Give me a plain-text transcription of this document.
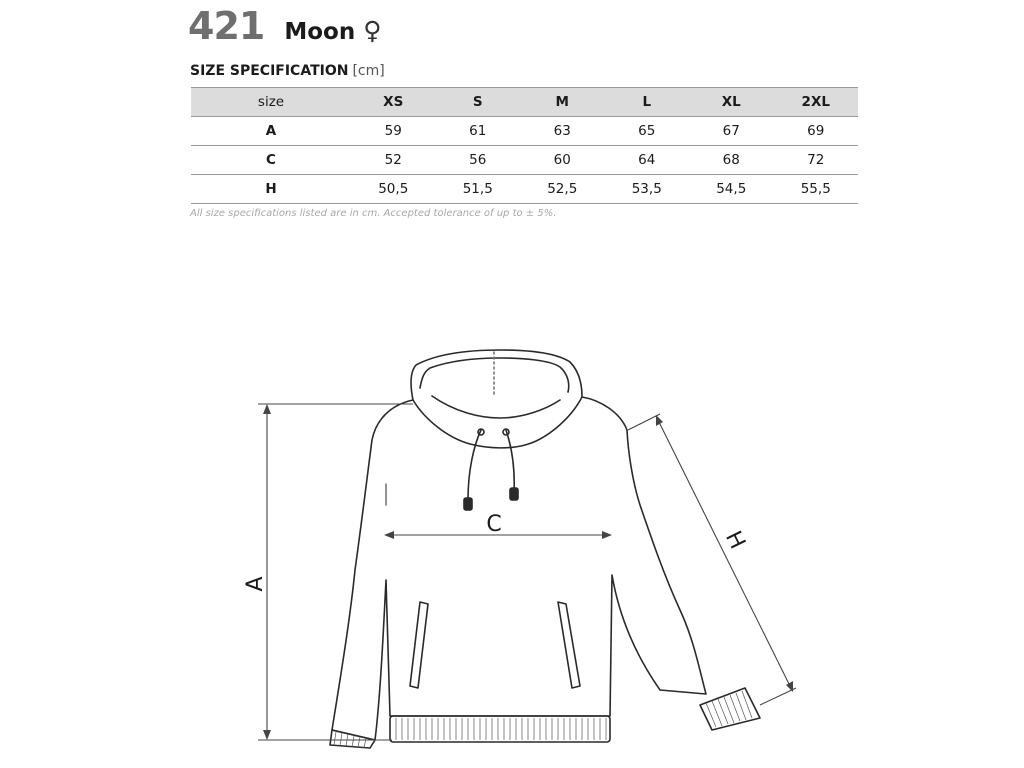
421 Moon ♀
SIZE SPECIFICATION [cm]
size	XS	S	M	L	XL	2XL
A	59	61	63	65	67	69
C	52	56	60	64	68	72
H	50,5	51,5	52,5	53,5	54,5	55,5
All size specifications listed are in cm. Accepted tolerance of up to ± 5%.
A
C
H
